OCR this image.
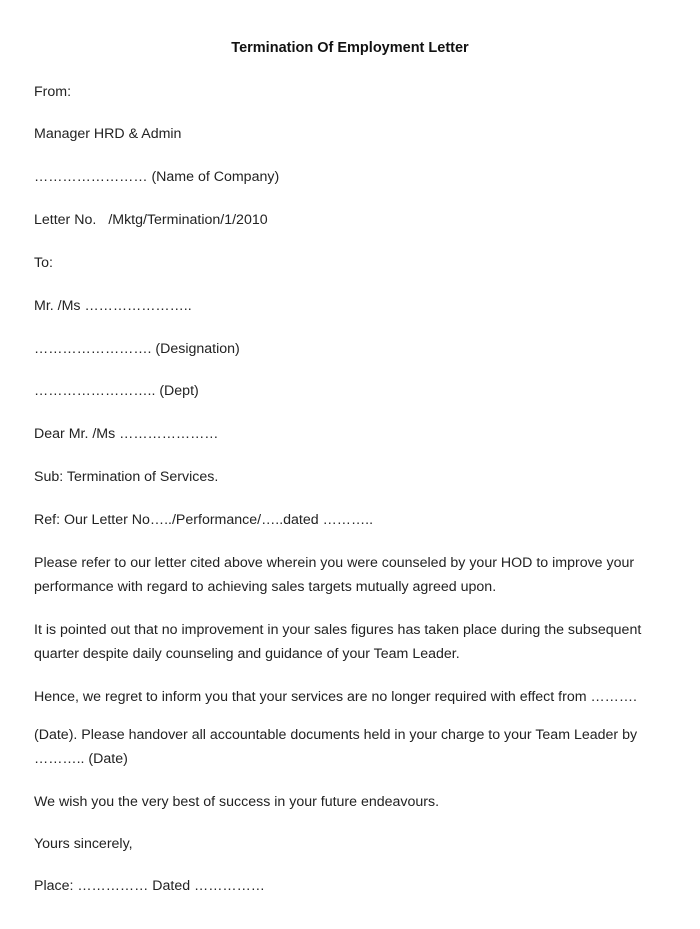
Termination Of Employment Letter
From:
Manager HRD & Admin
…………………… (Name of Company)
Letter No. /Mktg/Termination/1/2010
To:
Mr. /Ms …………………..
……………………. (Designation)
…………………….. (Dept)
Dear Mr. /Ms …………………
Sub: Termination of Services.
Ref: Our Letter No…../Performance/…..dated ………..
Please refer to our letter cited above wherein you were counseled by your HOD to improve your
performance with regard to achieving sales targets mutually agreed upon.
It is pointed out that no improvement in your sales figures has taken place during the subsequent
quarter despite daily counseling and guidance of your Team Leader.
Hence, we regret to inform you that your services are no longer required with effect from ……….
(Date). Please handover all accountable documents held in your charge to your Team Leader by
……….. (Date)
We wish you the very best of success in your future endeavours.
Yours sincerely,
Place: …………… Dated ……………
